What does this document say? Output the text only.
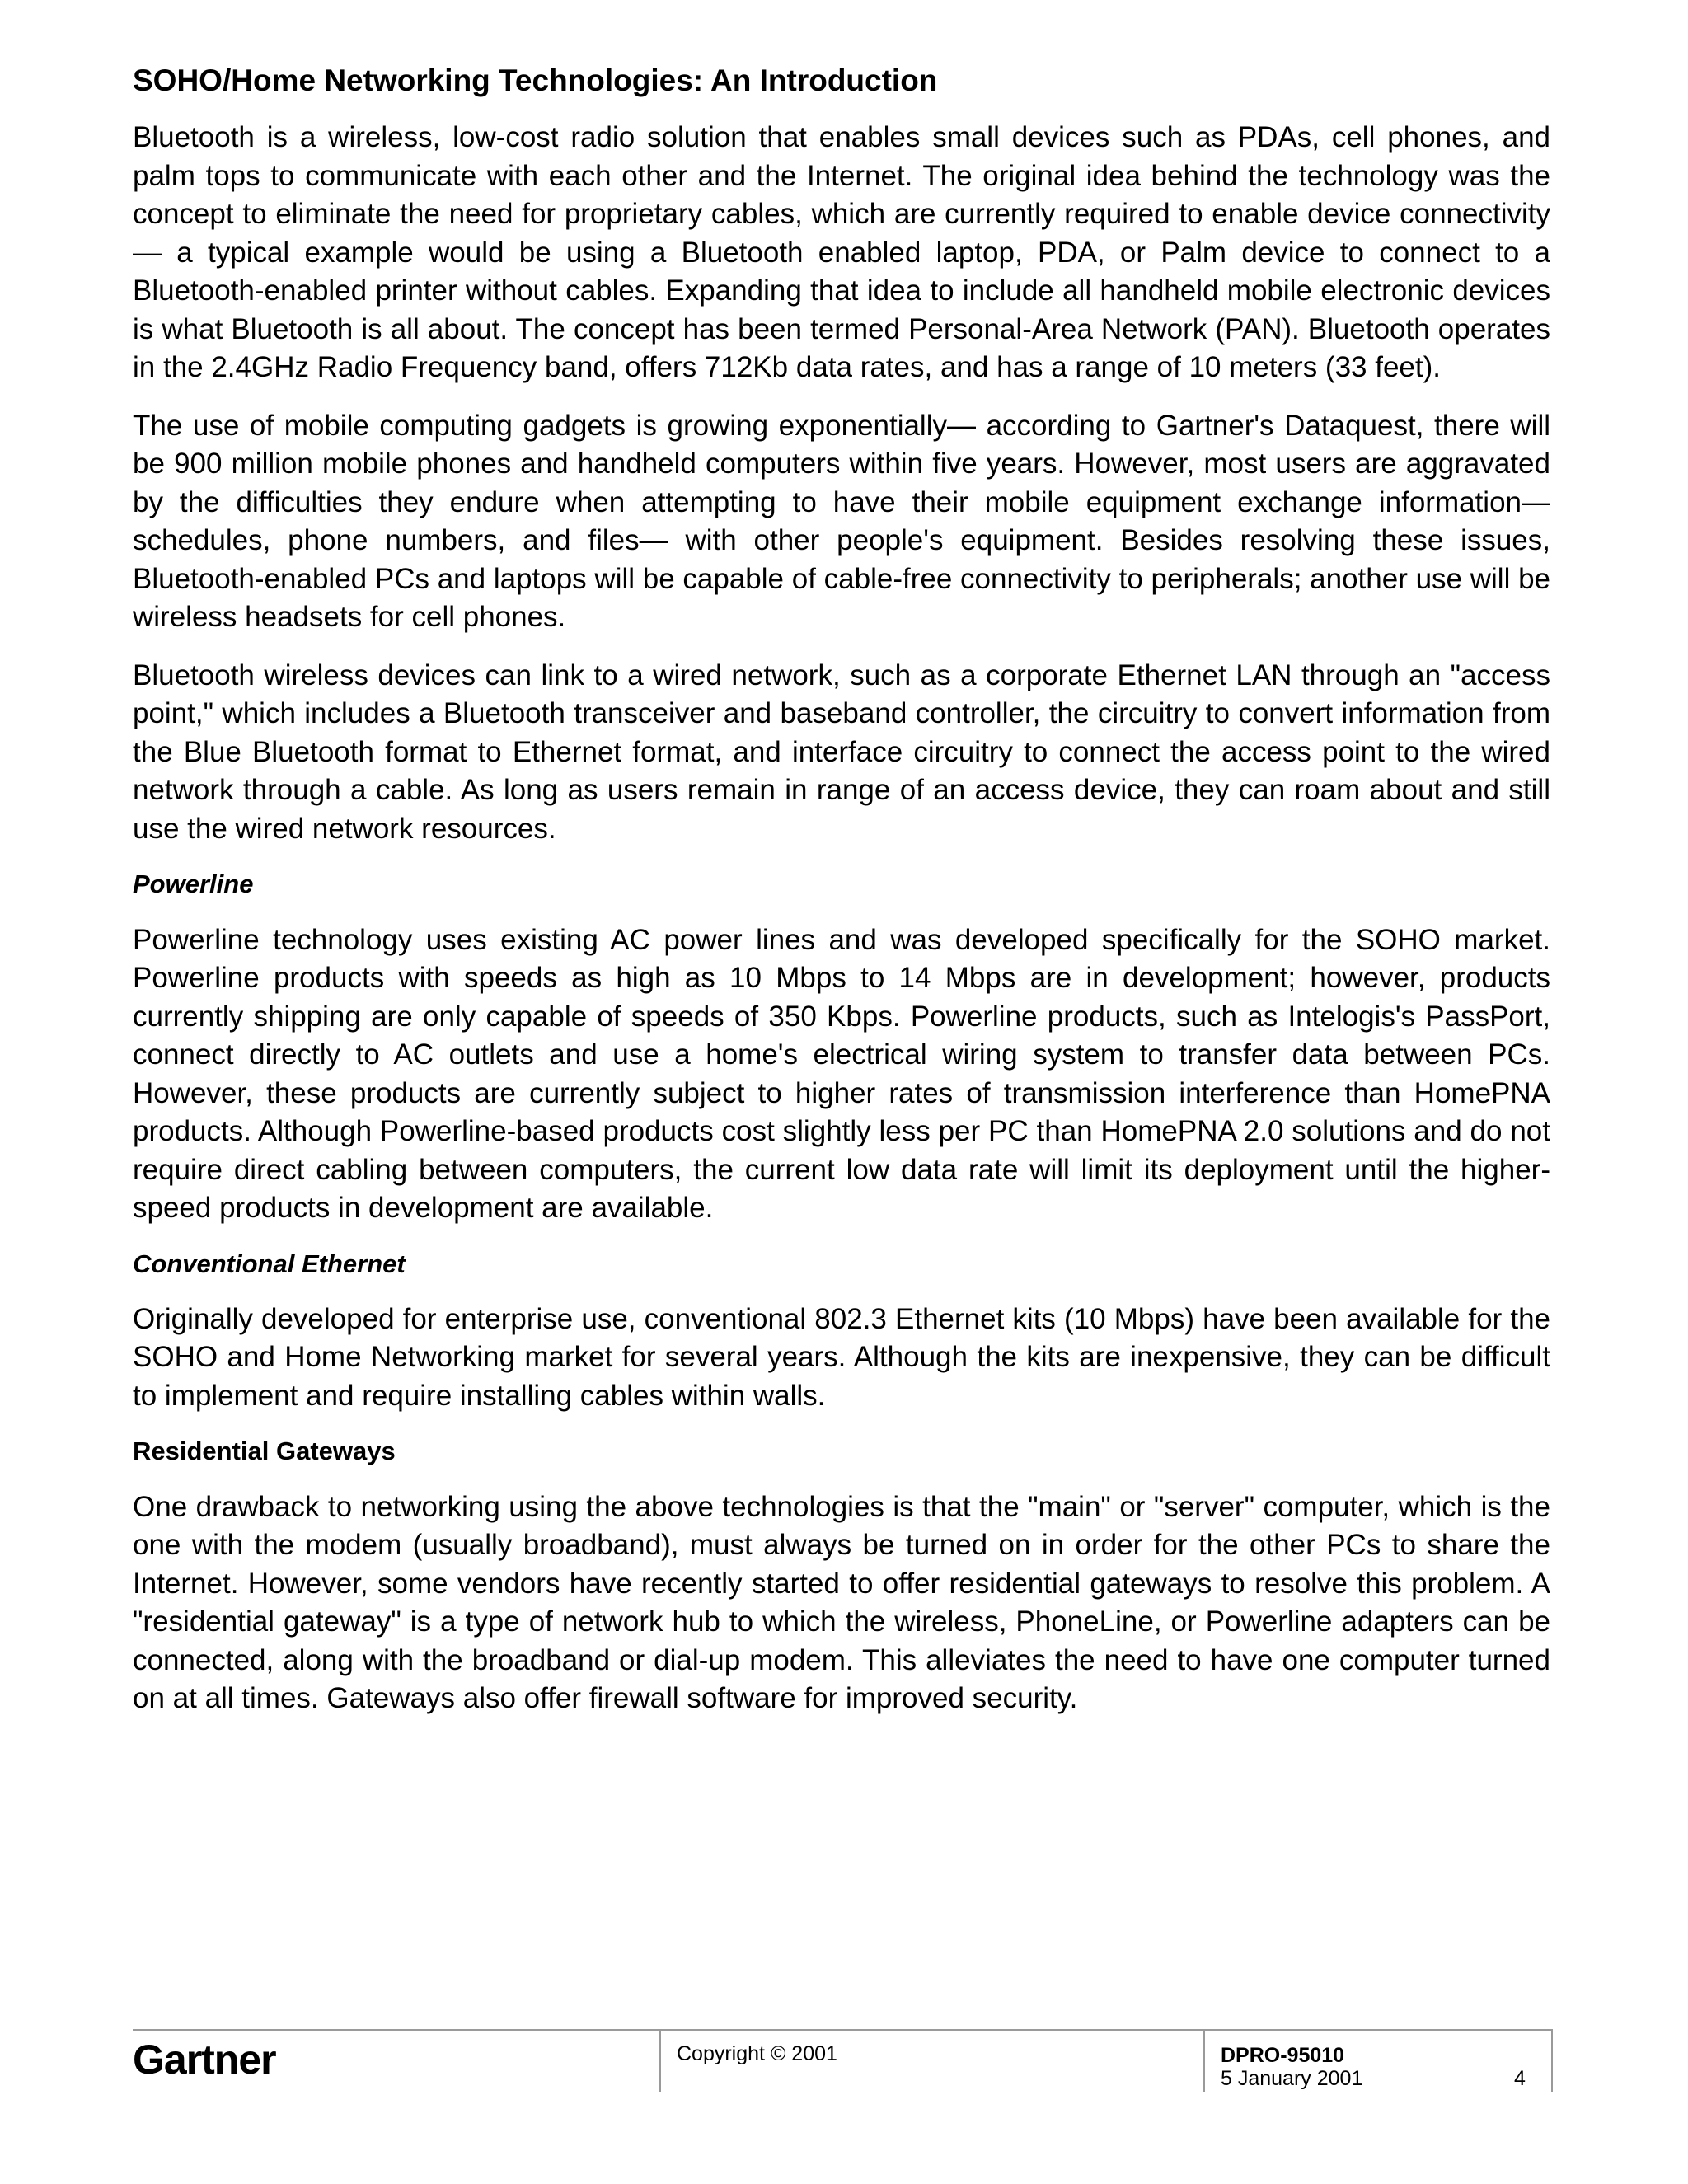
SOHO/Home Networking Technologies: An Introduction

Bluetooth is a wireless, low-cost radio solution that enables small devices such as PDAs, cell phones, and palm tops to communicate with each other and the Internet. The original idea behind the technology was the concept to eliminate the need for proprietary cables, which are currently required to enable device connectivity— a typical example would be using a Bluetooth enabled laptop, PDA, or Palm device to connect to a Bluetooth-enabled printer without cables. Expanding that idea to include all handheld mobile electronic devices is what Bluetooth is all about. The concept has been termed Personal-Area Network (PAN). Bluetooth operates in the 2.4GHz Radio Frequency band, offers 712Kb data rates, and has a range of 10 meters (33 feet).

The use of mobile computing gadgets is growing exponentially— according to Gartner's Dataquest, there will be 900 million mobile phones and handheld computers within five years. However, most users are aggravated by the difficulties they endure when attempting to have their mobile equipment exchange information— schedules, phone numbers, and files— with other people's equipment. Besides resolving these issues, Bluetooth-enabled PCs and laptops will be capable of cable-free connectivity to peripherals; another use will be wireless headsets for cell phones.

Bluetooth wireless devices can link to a wired network, such as a corporate Ethernet LAN through an "access point," which includes a Bluetooth transceiver and baseband controller, the circuitry to convert information from the Blue Bluetooth format to Ethernet format, and interface circuitry to connect the access point to the wired network through a cable. As long as users remain in range of an access device, they can roam about and still use the wired network resources.

Powerline

Powerline technology uses existing AC power lines and was developed specifically for the SOHO market. Powerline products with speeds as high as 10 Mbps to 14 Mbps are in development; however, products currently shipping are only capable of speeds of 350 Kbps. Powerline products, such as Intelogis's PassPort, connect directly to AC outlets and use a home's electrical wiring system to transfer data between PCs. However, these products are currently subject to higher rates of transmission interference than HomePNA products. Although Powerline-based products cost slightly less per PC than HomePNA 2.0 solutions and do not require direct cabling between computers, the current low data rate will limit its deployment until the higher-speed products in development are available.

Conventional Ethernet

Originally developed for enterprise use, conventional 802.3 Ethernet kits (10 Mbps) have been available for the SOHO and Home Networking market for several years. Although the kits are inexpensive, they can be difficult to implement and require installing cables within walls.

Residential Gateways

One drawback to networking using the above technologies is that the "main" or "server" computer, which is the one with the modem (usually broadband), must always be turned on in order for the other PCs to share the Internet. However, some vendors have recently started to offer residential gateways to resolve this problem. A "residential gateway" is a type of network hub to which the wireless, PhoneLine, or Powerline adapters can be connected, along with the broadband or dial-up modem. This alleviates the need to have one computer turned on at all times. Gateways also offer firewall software for improved security.

Gartner	Copyright © 2001	DPRO-95010
5 January 2001	4
